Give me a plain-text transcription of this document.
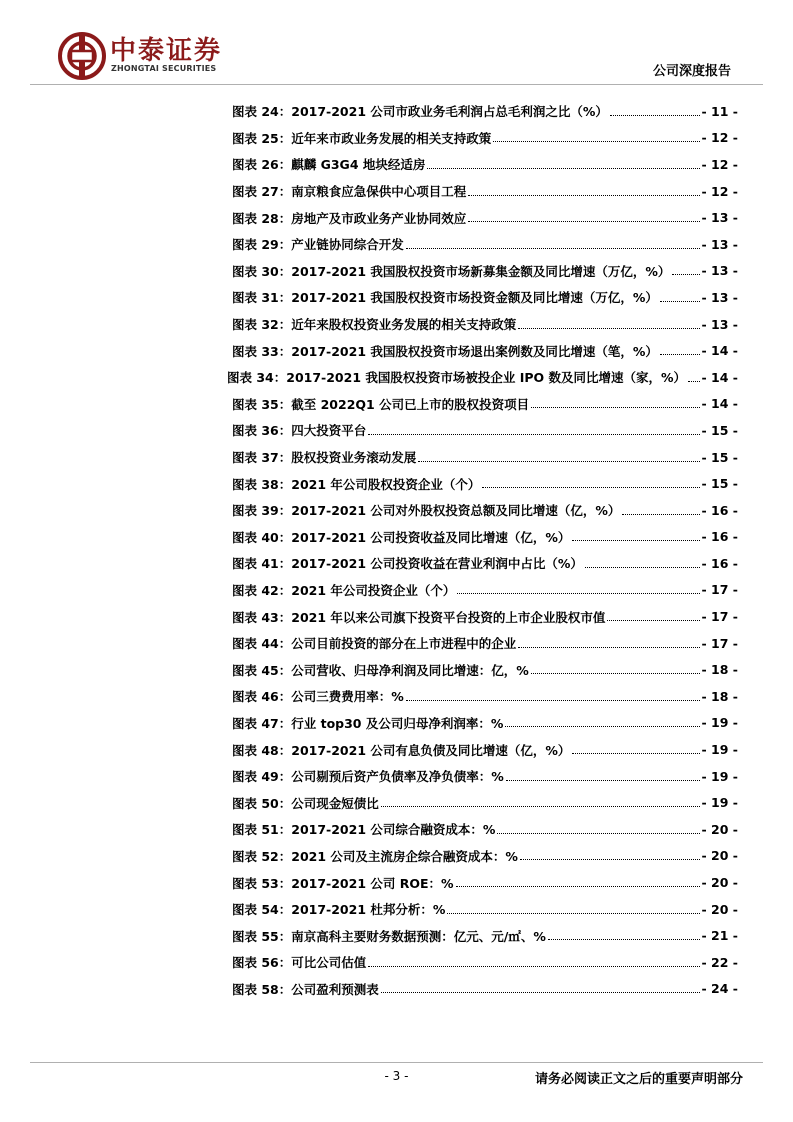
中泰证券
ZHONGTAI SECURITIES	公司深度报告
图表 24：2017-2021 公司市政业务毛利润占总毛利润之比（%）	- 11 -
图表 25：近年来市政业务发展的相关支持政策	- 12 -
图表 26：麒麟 G3G4 地块经适房	- 12 -
图表 27：南京粮食应急保供中心项目工程	- 12 -
图表 28：房地产及市政业务产业协同效应	- 13 -
图表 29：产业链协同综合开发	- 13 -
图表 30：2017-2021 我国股权投资市场新募集金额及同比增速（万亿，%） - 13 -
图表 31：2017-2021 我国股权投资市场投资金额及同比增速（万亿，%）	- 13 -
图表 32：近年来股权投资业务发展的相关支持政策	- 13 -
图表 33：2017-2021 我国股权投资市场退出案例数及同比增速（笔，%）	- 14 -
图表 34：2017-2021 我国股权投资市场被投企业 IPO 数及同比增速（家，%） - 14 -
图表 35：截至 2022Q1 公司已上市的股权投资项目	- 14 -
图表 36：四大投资平台	- 15 -
图表 37：股权投资业务滚动发展	- 15 -
图表 38：2021 年公司股权投资企业（个）	- 15 -
图表 39：2017-2021 公司对外股权投资总额及同比增速（亿，%）	- 16 -
图表 40：2017-2021 公司投资收益及同比增速（亿，%）	- 16 -
图表 41：2017-2021 公司投资收益在营业利润中占比（%）	- 16 -
图表 42：2021 年公司投资企业（个）	- 17 -
图表 43：2021 年以来公司旗下投资平台投资的上市企业股权市值	- 17 -
图表 44：公司目前投资的部分在上市进程中的企业	- 17 -
图表 45：公司营收、归母净利润及同比增速：亿，%	- 18 -
图表 46：公司三费费用率：%	- 18 -
图表 47：行业 top30 及公司归母净利润率：%	- 19 -
图表 48：2017-2021 公司有息负债及同比增速（亿，%）	- 19 -
图表 49：公司剔预后资产负债率及净负债率：%	- 19 -
图表 50：公司现金短债比	- 19 -
图表 51：2017-2021 公司综合融资成本：%	- 20 -
图表 52：2021 公司及主流房企综合融资成本：%	- 20 -
图表 53：2017-2021 公司 ROE：%	- 20 -
图表 54：2017-2021 杜邦分析：%	- 20 -
图表 55：南京高科主要财务数据预测：亿元、元/㎡、%	- 21 -
图表 56：可比公司估值	- 22 -
图表 58：公司盈利预测表	- 24 -
- 3 -	请务必阅读正文之后的重要声明部分
